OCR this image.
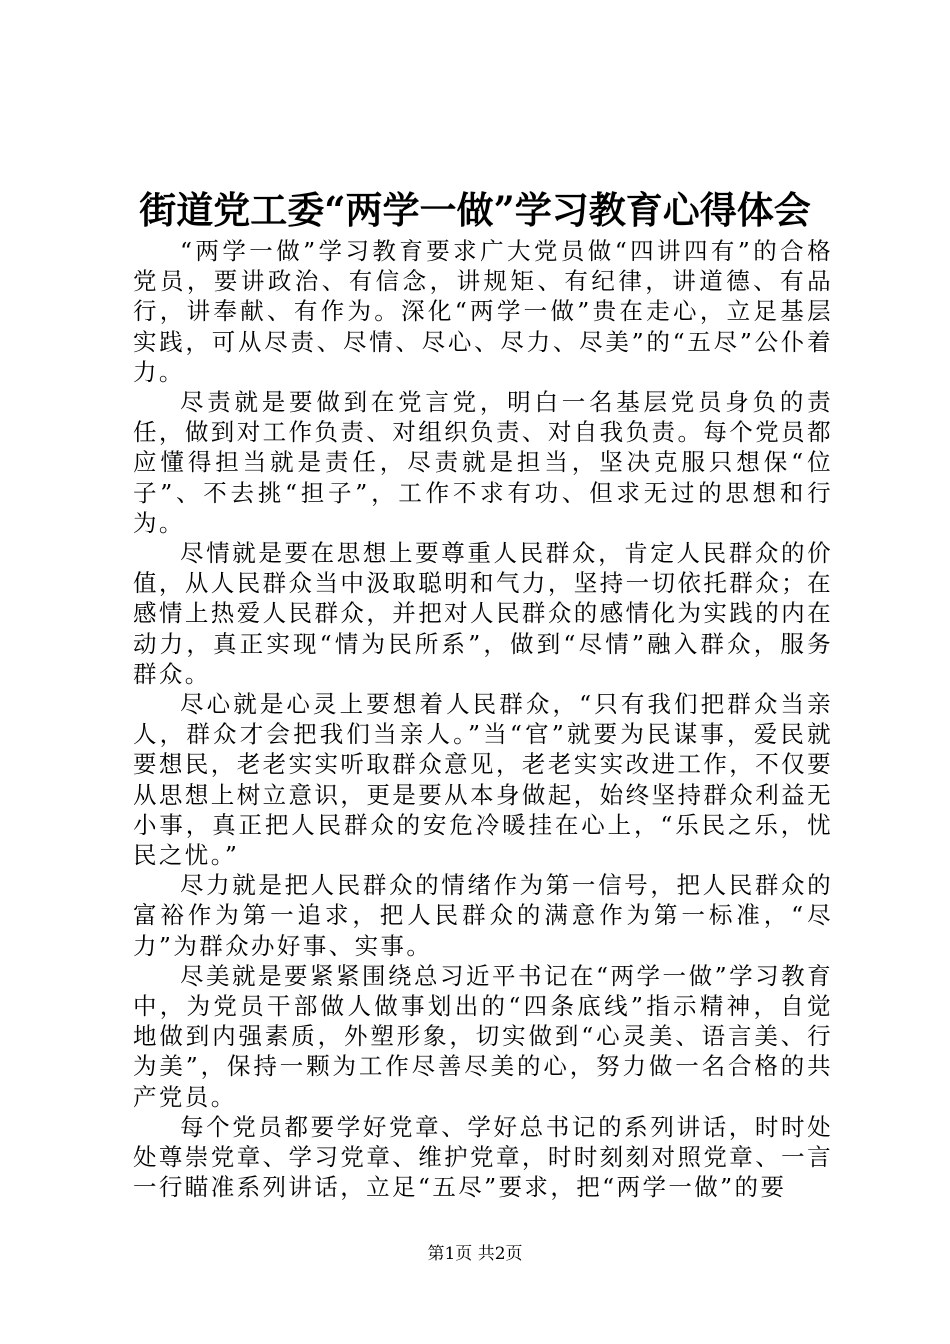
街道党工委“两学一做”学习教育心得体会

“两学一做”学习教育要求广大党员做“四讲四有”的合格党员，要讲政治、有信念，讲规矩、有纪律，讲道德、有品行，讲奉献、有作为。深化“两学一做”贵在走心，立足基层实践，可从尽责、尽情、尽心、尽力、尽美”的“五尽”公仆着力。

尽责就是要做到在党言党，明白一名基层党员身负的责任，做到对工作负责、对组织负责、对自我负责。每个党员都应懂得担当就是责任，尽责就是担当，坚决克服只想保“位子”、不去挑“担子”，工作不求有功、但求无过的思想和行为。

尽情就是要在思想上要尊重人民群众，肯定人民群众的价值，从人民群众当中汲取聪明和气力，坚持一切依托群众；在感情上热爱人民群众，并把对人民群众的感情化为实践的内在动力，真正实现“情为民所系”，做到“尽情”融入群众，服务群众。

尽心就是心灵上要想着人民群众，“只有我们把群众当亲人，群众才会把我们当亲人。”当“官”就要为民谋事，爱民就要想民，老老实实听取群众意见，老老实实改进工作，不仅要从思想上树立意识，更是要从本身做起，始终坚持群众利益无小事，真正把人民群众的安危冷暖挂在心上，“乐民之乐，忧民之忧。”

尽力就是把人民群众的情绪作为第一信号，把人民群众的富裕作为第一追求，把人民群众的满意作为第一标准，“尽力”为群众办好事、实事。

尽美就是要紧紧围绕总习近平书记在“两学一做”学习教育中，为党员干部做人做事划出的“四条底线”指示精神，自觉地做到内强素质，外塑形象，切实做到“心灵美、语言美、行为美”，保持一颗为工作尽善尽美的心，努力做一名合格的共产党员。

每个党员都要学好党章、学好总书记的系列讲话，时时处处尊崇党章、学习党章、维护党章，时时刻刻对照党章、一言一行瞄准系列讲话，立足“五尽”要求，把“两学一做”的要

第1页 共2页
